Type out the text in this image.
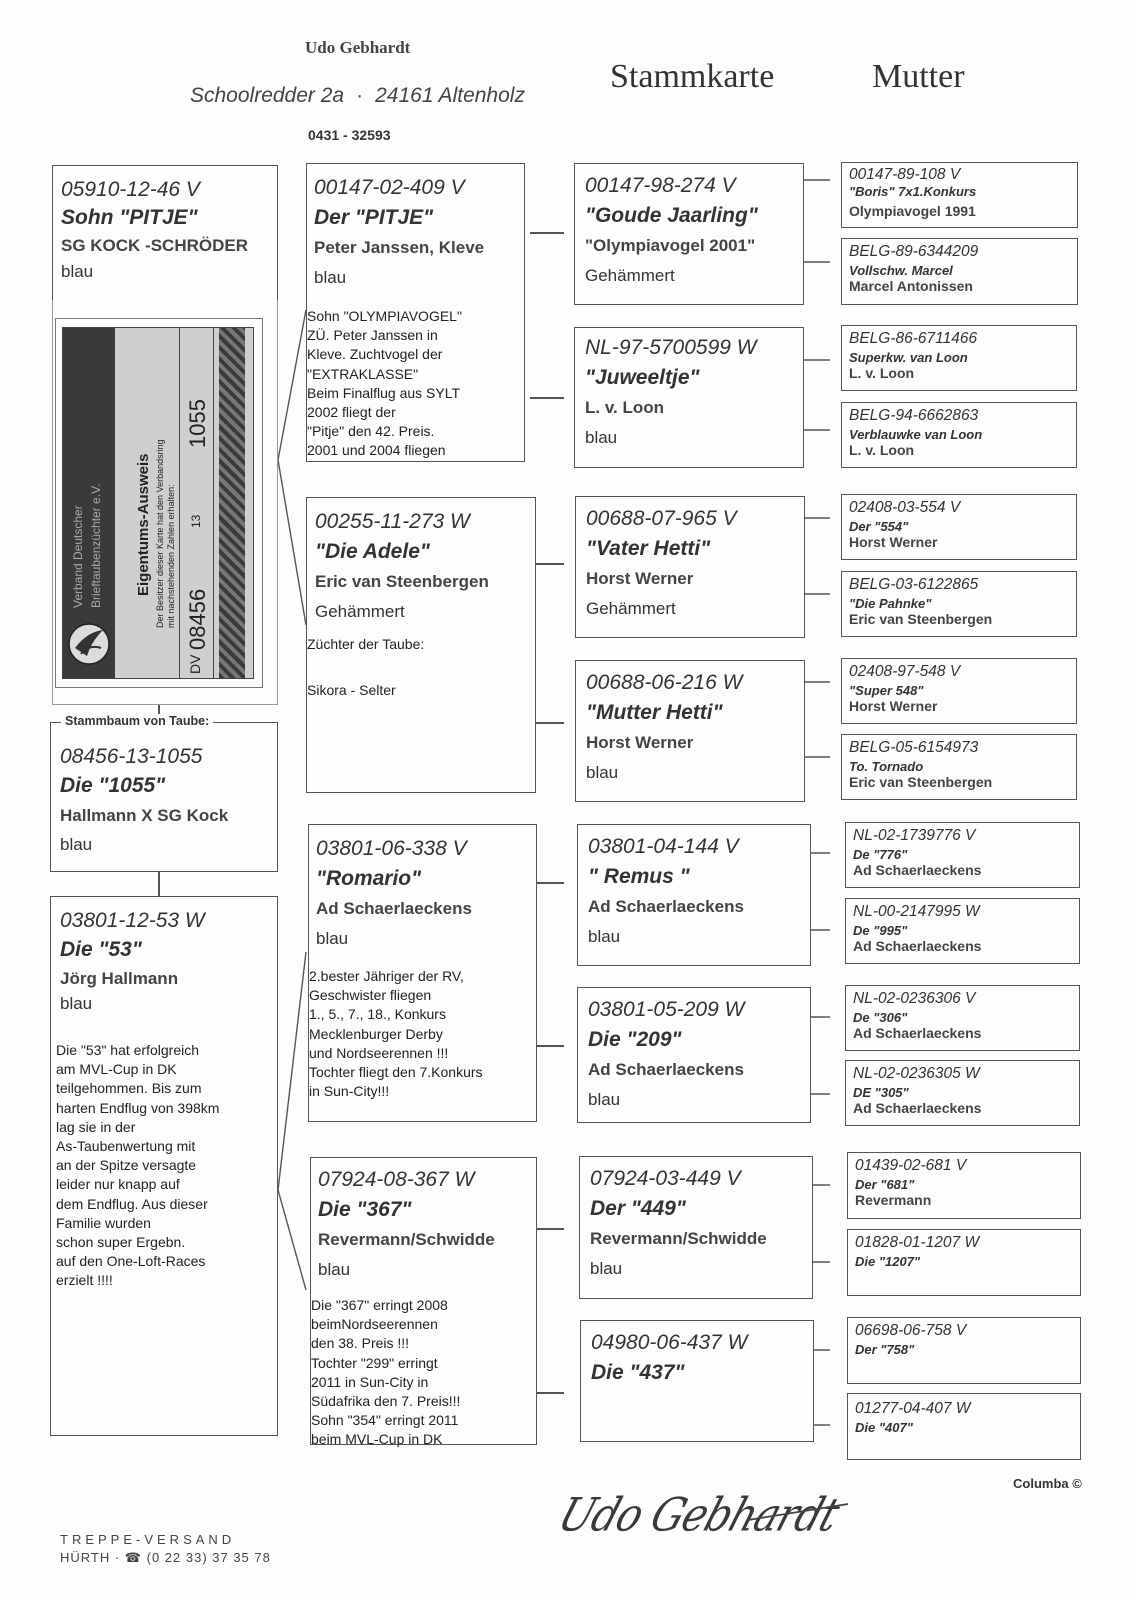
Udo Gebhardt
Schoolredder 2a · 24161 Altenholz
0431 - 32593
Stammkarte	Mutter
05910-12-46 V
Sohn "PITJE"
SG KOCK -SCHRÖDER
blau
Verband Deutscher Brieftaubenzüchter e.V. Eigentums-Ausweis Der Besitzer dieser Karte hat den Verbandsring mit nachstehenden Zahlen erhalten:
DV
08456
13
1055
Stammbaum von Taube:
08456-13-1055
Die "1055"
Hallmann X SG Kock
blau
03801-12-53 W
Die "53"
Jörg Hallmann
blau
Die "53" hat erfolgreich
am MVL-Cup in DK
teilgehommen. Bis zum
harten Endflug von 398km
lag sie in der
As-Taubenwertung mit
an der Spitze versagte
leider nur knapp auf
dem Endflug. Aus dieser
Familie wurden
schon super Ergebn.
auf den One-Loft-Races
erzielt !!!!
00147-02-409 V
Der "PITJE"
Peter Janssen, Kleve
blau
Sohn "OLYMPIAVOGEL"
ZÜ. Peter Janssen in
Kleve. Zuchtvogel der
"EXTRAKLASSE"
Beim Finalflug aus SYLT
2002 fliegt der
"Pitje" den 42. Preis.
2001 und 2004 fliegen
00255-11-273 W
"Die Adele"
Eric van Steenbergen
Gehämmert
Züchter der Taube:

Sikora - Selter
03801-06-338 V
"Romario"
Ad Schaerlaeckens
blau
2.bester Jähriger der RV,
Geschwister fliegen
1., 5., 7., 18., Konkurs
Mecklenburger Derby
und Nordseerennen !!!
Tochter fliegt den 7.Konkurs
in Sun-City!!!
07924-08-367 W
Die "367"
Revermann/Schwidde
blau
Die "367" erringt 2008
beimNordseerennen
den 38. Preis !!!
Tochter "299" erringt
2011 in Sun-City in
Südafrika den 7. Preis!!!
Sohn "354" erringt 2011
beim MVL-Cup in DK
00147-98-274 V
"Goude Jaarling"
"Olympiavogel 2001"
Gehämmert
NL-97-5700599 W
"Juweeltje"
L. v. Loon
blau
00688-07-965 V
"Vater Hetti"
Horst Werner
Gehämmert
00688-06-216 W
"Mutter Hetti"
Horst Werner
blau
03801-04-144 V
" Remus "
Ad Schaerlaeckens
blau
03801-05-209 W
Die "209"
Ad Schaerlaeckens
blau
07924-03-449 V
Der "449"
Revermann/Schwidde
blau
04980-06-437 W
Die "437"
00147-89-108 V
"Boris" 7x1.Konkurs
Olympiavogel 1991
BELG-89-6344209
Vollschw. Marcel
Marcel Antonissen
BELG-86-6711466
Superkw. van Loon
L. v. Loon
BELG-94-6662863
Verblauwke van Loon
L. v. Loon
02408-03-554 V
Der "554"
Horst Werner
BELG-03-6122865
"Die Pahnke"
Eric van Steenbergen
02408-97-548 V
"Super 548"
Horst Werner
BELG-05-6154973
To. Tornado
Eric van Steenbergen
NL-02-1739776 V
De "776"
Ad Schaerlaeckens
NL-00-2147995 W
De "995"
Ad Schaerlaeckens
NL-02-0236306 V
De "306"
Ad Schaerlaeckens
NL-02-0236305 W
DE "305"
Ad Schaerlaeckens
01439-02-681 V
Der "681"
Revermann
01828-01-1207 W
Die "1207"
06698-06-758 V
Der "758"
01277-04-407 W
Die "407"
Columba ©
Udo Gebhardt
TREPPE-VERSAND
HÜRTH · ☎ (0 22 33) 37 35 78
